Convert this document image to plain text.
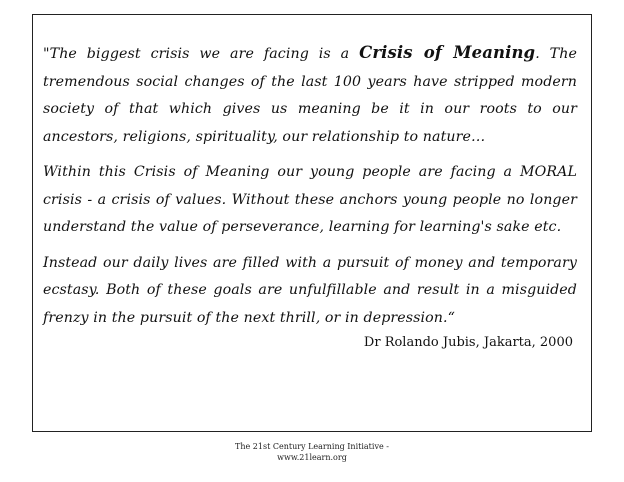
"The biggest crisis we are facing is a Crisis of Meaning. The tremendous social changes of the last 100 years have stripped modern society of that which gives us meaning be it in our roots to our ancestors, religions, spirituality, our relationship to nature…

Within this Crisis of Meaning our young people are facing a MORAL crisis - a crisis of values. Without these anchors young people no longer understand the value of perseverance, learning for learning's sake etc.

Instead our daily lives are filled with a pursuit of money and temporary ecstasy. Both of these goals are unfulfillable and result in a misguided frenzy in the pursuit of the next thrill, or in depression.“

Dr Rolando Jubis, Jakarta, 2000
The 21st Century Learning Initiative -
www.21learn.org
